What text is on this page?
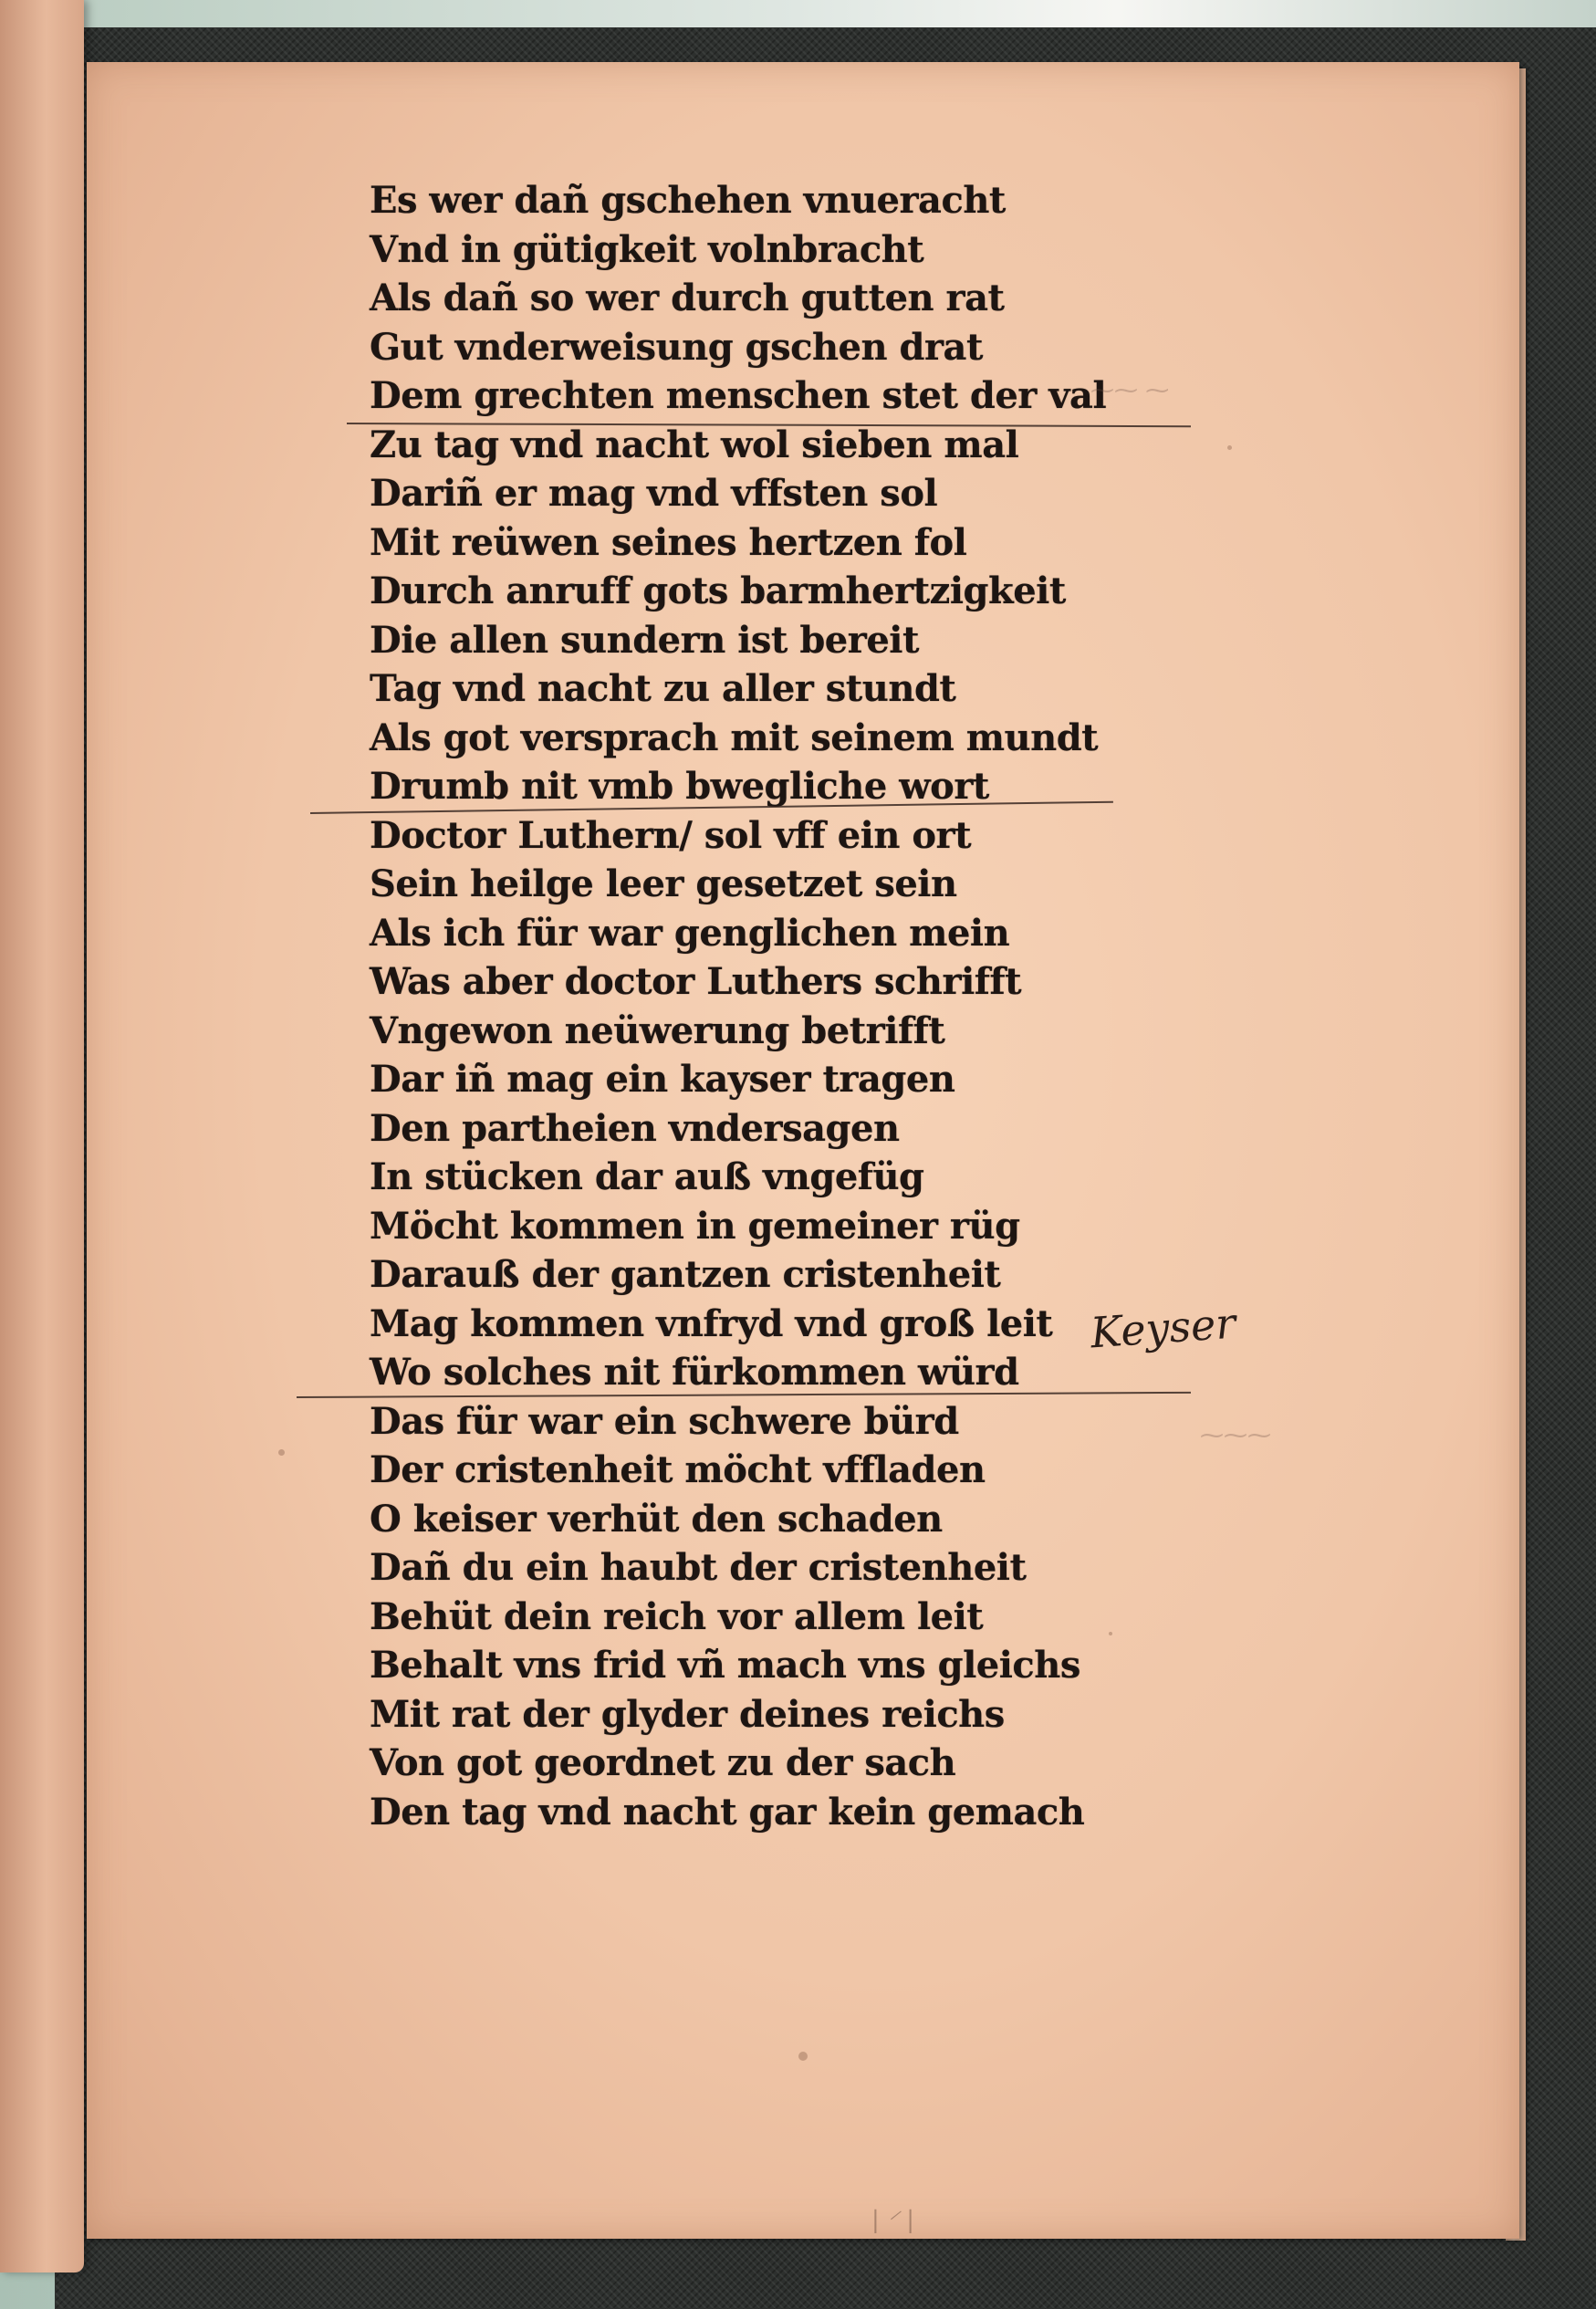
Es wer dañ gschehen vnueracht
Vnd in gütigkeit volnbracht
Als dañ so wer durch gutten rat
Gut vnderweisung gschen drat
Dem grechten menschen stet der val
Zu tag vnd nacht wol sieben mal
Dariñ er mag vnd vffsten sol
Mit reüwen seines hertzen fol
Durch anruff gots barmhertzigkeit
Die allen sundern ist bereit
Tag vnd nacht zu aller stundt
Als got versprach mit seinem mundt
Drumb nit vmb bwegliche wort
Doctor Luthern/ sol vff ein ort
Sein heilge leer gesetzet sein
Als ich für war genglichen mein
Was aber doctor Luthers schrifft
Vngewon neüwerung betrifft
Dar iñ mag ein kayser tragen
Den partheien vndersagen
In stücken dar auß vngefüg
Möcht kommen in gemeiner rüg
Darauß der gantzen cristenheit
Mag kommen vnfryd vnd groß leit
Wo solches nit fürkommen würd
Das für war ein schwere bürd
Der cristenheit möcht vffladen
O keiser verhüt den schaden
Dañ du ein haubt der cristenheit
Behüt dein reich vor allem leit
Behalt vns frid vñ mach vns gleichs
Mit rat der glyder deines reichs
Von got geordnet zu der sach
Den tag vnd nacht gar kein gemach
⁓⁓ ⁓
⁓⁓⁓
| ⸍ |
Keyser
